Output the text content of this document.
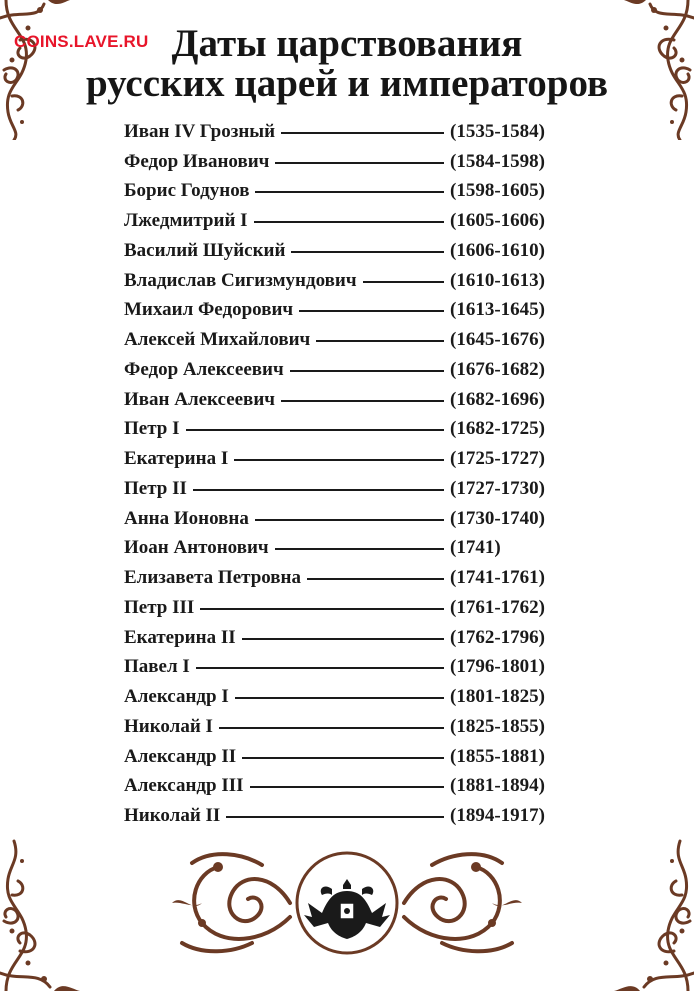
COINS.LAVE.RU Даты царствования
русских царей и императоров
Иван IV Грозный	(1535-1584)
Федор Иванович	(1584-1598)
Борис Годунов	(1598-1605)
Лжедмитрий I	(1605-1606)
Василий Шуйский	(1606-1610)
Владислав Сигизмундович	(1610-1613)
Михаил Федорович	(1613-1645)
Алексей Михайлович	(1645-1676)
Федор Алексеевич	(1676-1682)
Иван Алексеевич	(1682-1696)
Петр I	(1682-1725)
Екатерина I	(1725-1727)
Петр II	(1727-1730)
Анна Ионовна	(1730-1740)
Иоан Антонович	(1741)
Елизавета Петровна	(1741-1761)
Петр III	(1761-1762)
Екатерина II	(1762-1796)
Павел I	(1796-1801)
Александр I	(1801-1825)
Николай I	(1825-1855)
Александр II	(1855-1881)
Александр III	(1881-1894)
Николай II	(1894-1917)
